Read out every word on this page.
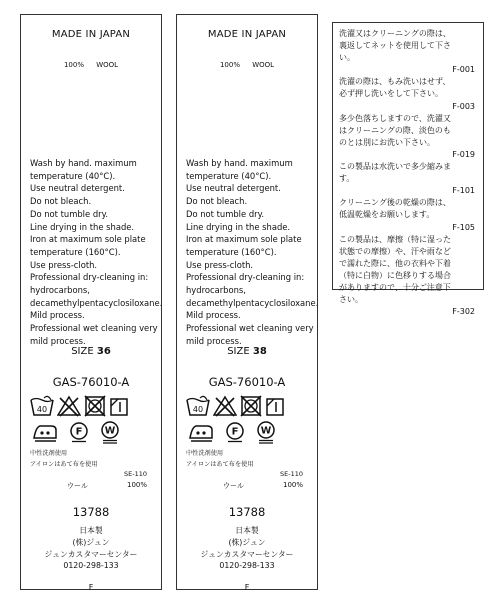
MADE IN JAPAN
100% WOOL
Wash by hand. maximum
temperature (40°C).
Use neutral detergent.
Do not bleach.
Do not tumble dry.
Line drying in the shade.
Iron at maximum sole plate
temperature (160°C).
Use press-cloth.
Professional dry-cleaning in:
hydrocarbons,
decamethylpentacyclosiloxane.
Mild process.
Professional wet cleaning very
mild process.
SIZE 36
GAS-76010-A
40
F W
中性洗剤使用
アイロンはあて布を使用
SE-110
ウール	100%
13788
日本製
(株)ジュン
ジュンカスタマーセンター
0120-298-133
F
MADE IN JAPAN
100% WOOL
Wash by hand. maximum
temperature (40°C).
Use neutral detergent.
Do not bleach.
Do not tumble dry.
Line drying in the shade.
Iron at maximum sole plate
temperature (160°C).
Use press-cloth.
Professional dry-cleaning in:
hydrocarbons,
decamethylpentacyclosiloxane.
Mild process.
Professional wet cleaning very
mild process.
SIZE 38
GAS-76010-A
40
F W
中性洗剤使用
アイロンはあて布を使用
SE-110
ウール	100%
13788
日本製
(株)ジュン
ジュンカスタマーセンター
0120-298-133
F
洗濯又はクリーニングの際は、
裏返してネットを使用して下さ
い。
F-001
洗濯の際は、もみ洗いはせず、
必ず押し洗いをして下さい。
F-003
多少色落ちしますので、洗濯又
はクリーニングの際、淡色のも
のとは別にお洗い下さい。
F-019
この製品は水洗いで多少縮みま
す。
F-101
クリーニング後の乾燥の際は、
低温乾燥をお願いします。
F-105
この製品は、摩擦（特に湿った
状態での摩擦）や、汗や雨など
で濡れた際に、他の衣料や下着
（特に白物）に色移りする場合
がありますので、十分ご注意下
さい。
F-302
